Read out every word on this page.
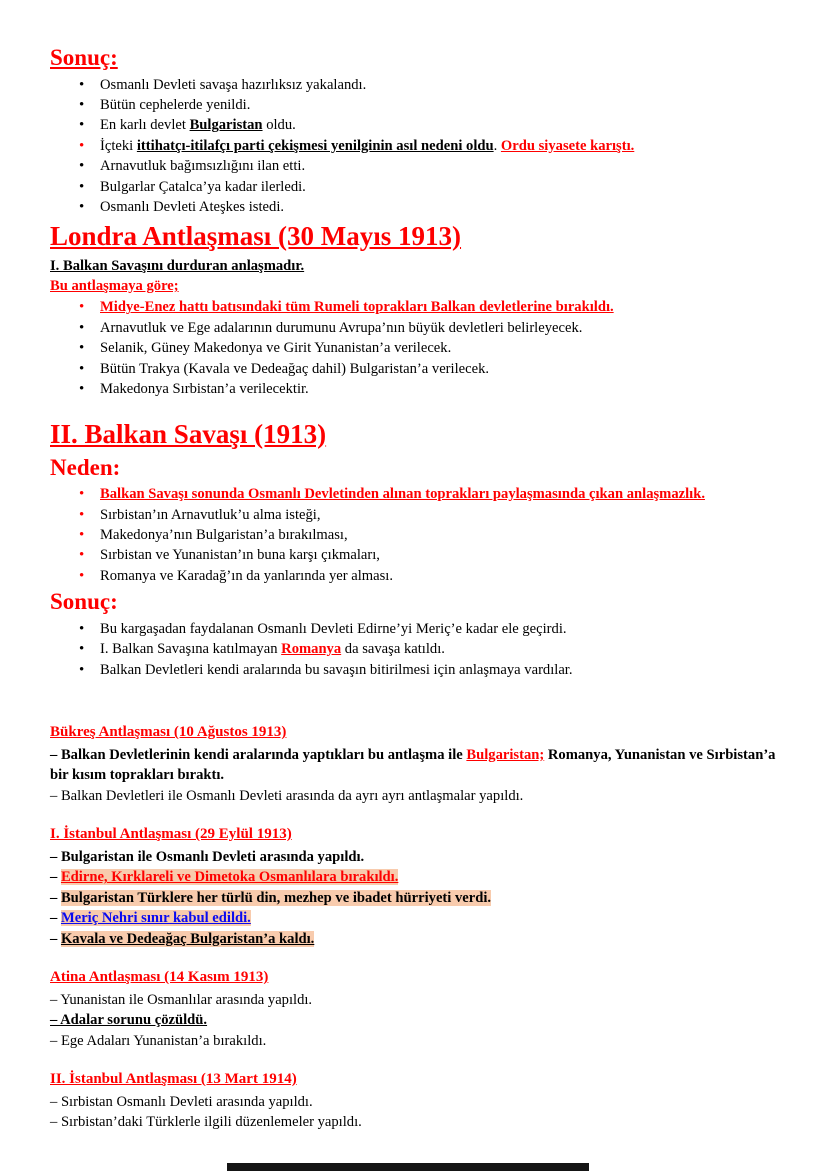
Sonuç:
• Osmanlı Devleti savaşa hazırlıksız yakalandı.
• Bütün cephelerde yenildi.
• En karlı devlet Bulgaristan oldu.
• İçteki ittihatçı-itilafçı parti çekişmesi yenilginin asıl nedeni oldu. Ordu siyasete karıştı.
• Arnavutluk bağımsızlığını ilan etti.
• Bulgarlar Çatalca’ya kadar ilerledi.
• Osmanlı Devleti Ateşkes istedi.
Londra Antlaşması (30 Mayıs 1913)
I. Balkan Savaşını durduran anlaşmadır.
Bu antlaşmaya göre;
• Midye-Enez hattı batısındaki tüm Rumeli toprakları Balkan devletlerine bırakıldı.
• Arnavutluk ve Ege adalarının durumunu Avrupa’nın büyük devletleri belirleyecek.
• Selanik, Güney Makedonya ve Girit Yunanistan’a verilecek.
• Bütün Trakya (Kavala ve Dedeağaç dahil) Bulgaristan’a verilecek.
• Makedonya Sırbistan’a verilecektir.
II. Balkan Savaşı (1913)
Neden:
• Balkan Savaşı sonunda Osmanlı Devletinden alınan toprakları paylaşmasında çıkan anlaşmazlık.
• Sırbistan’ın Arnavutluk’u alma isteği,
• Makedonya’nın Bulgaristan’a bırakılması,
• Sırbistan ve Yunanistan’ın buna karşı çıkmaları,
• Romanya ve Karadağ’ın da yanlarında yer alması.
Sonuç:
• Bu kargaşadan faydalanan Osmanlı Devleti Edirne’yi Meriç’e kadar ele geçirdi.
• I. Balkan Savaşına katılmayan Romanya da savaşa katıldı.
• Balkan Devletleri kendi aralarında bu savaşın bitirilmesi için anlaşmaya vardılar.
Bükreş Antlaşması (10 Ağustos 1913)
– Balkan Devletlerinin kendi aralarında yaptıkları bu antlaşma ile Bulgaristan; Romanya, Yunanistan ve Sırbistan’a bir kısım toprakları bıraktı.
– Balkan Devletleri ile Osmanlı Devleti arasında da ayrı ayrı antlaşmalar yapıldı.
I. İstanbul Antlaşması (29 Eylül 1913)
– Bulgaristan ile Osmanlı Devleti arasında yapıldı.
– Edirne, Kırklareli ve Dimetoka Osmanlılara bırakıldı.
– Bulgaristan Türklere her türlü din, mezhep ve ibadet hürriyeti verdi.
– Meriç Nehri sınır kabul edildi.
– Kavala ve Dedeağaç Bulgaristan’a kaldı.
Atina Antlaşması (14 Kasım 1913)
– Yunanistan ile Osmanlılar arasında yapıldı.
– Adalar sorunu çözüldü.
– Ege Adaları Yunanistan’a bırakıldı.
II. İstanbul Antlaşması (13 Mart 1914)
– Sırbistan Osmanlı Devleti arasında yapıldı.
– Sırbistan’daki Türklerle ilgili düzenlemeler yapıldı.
